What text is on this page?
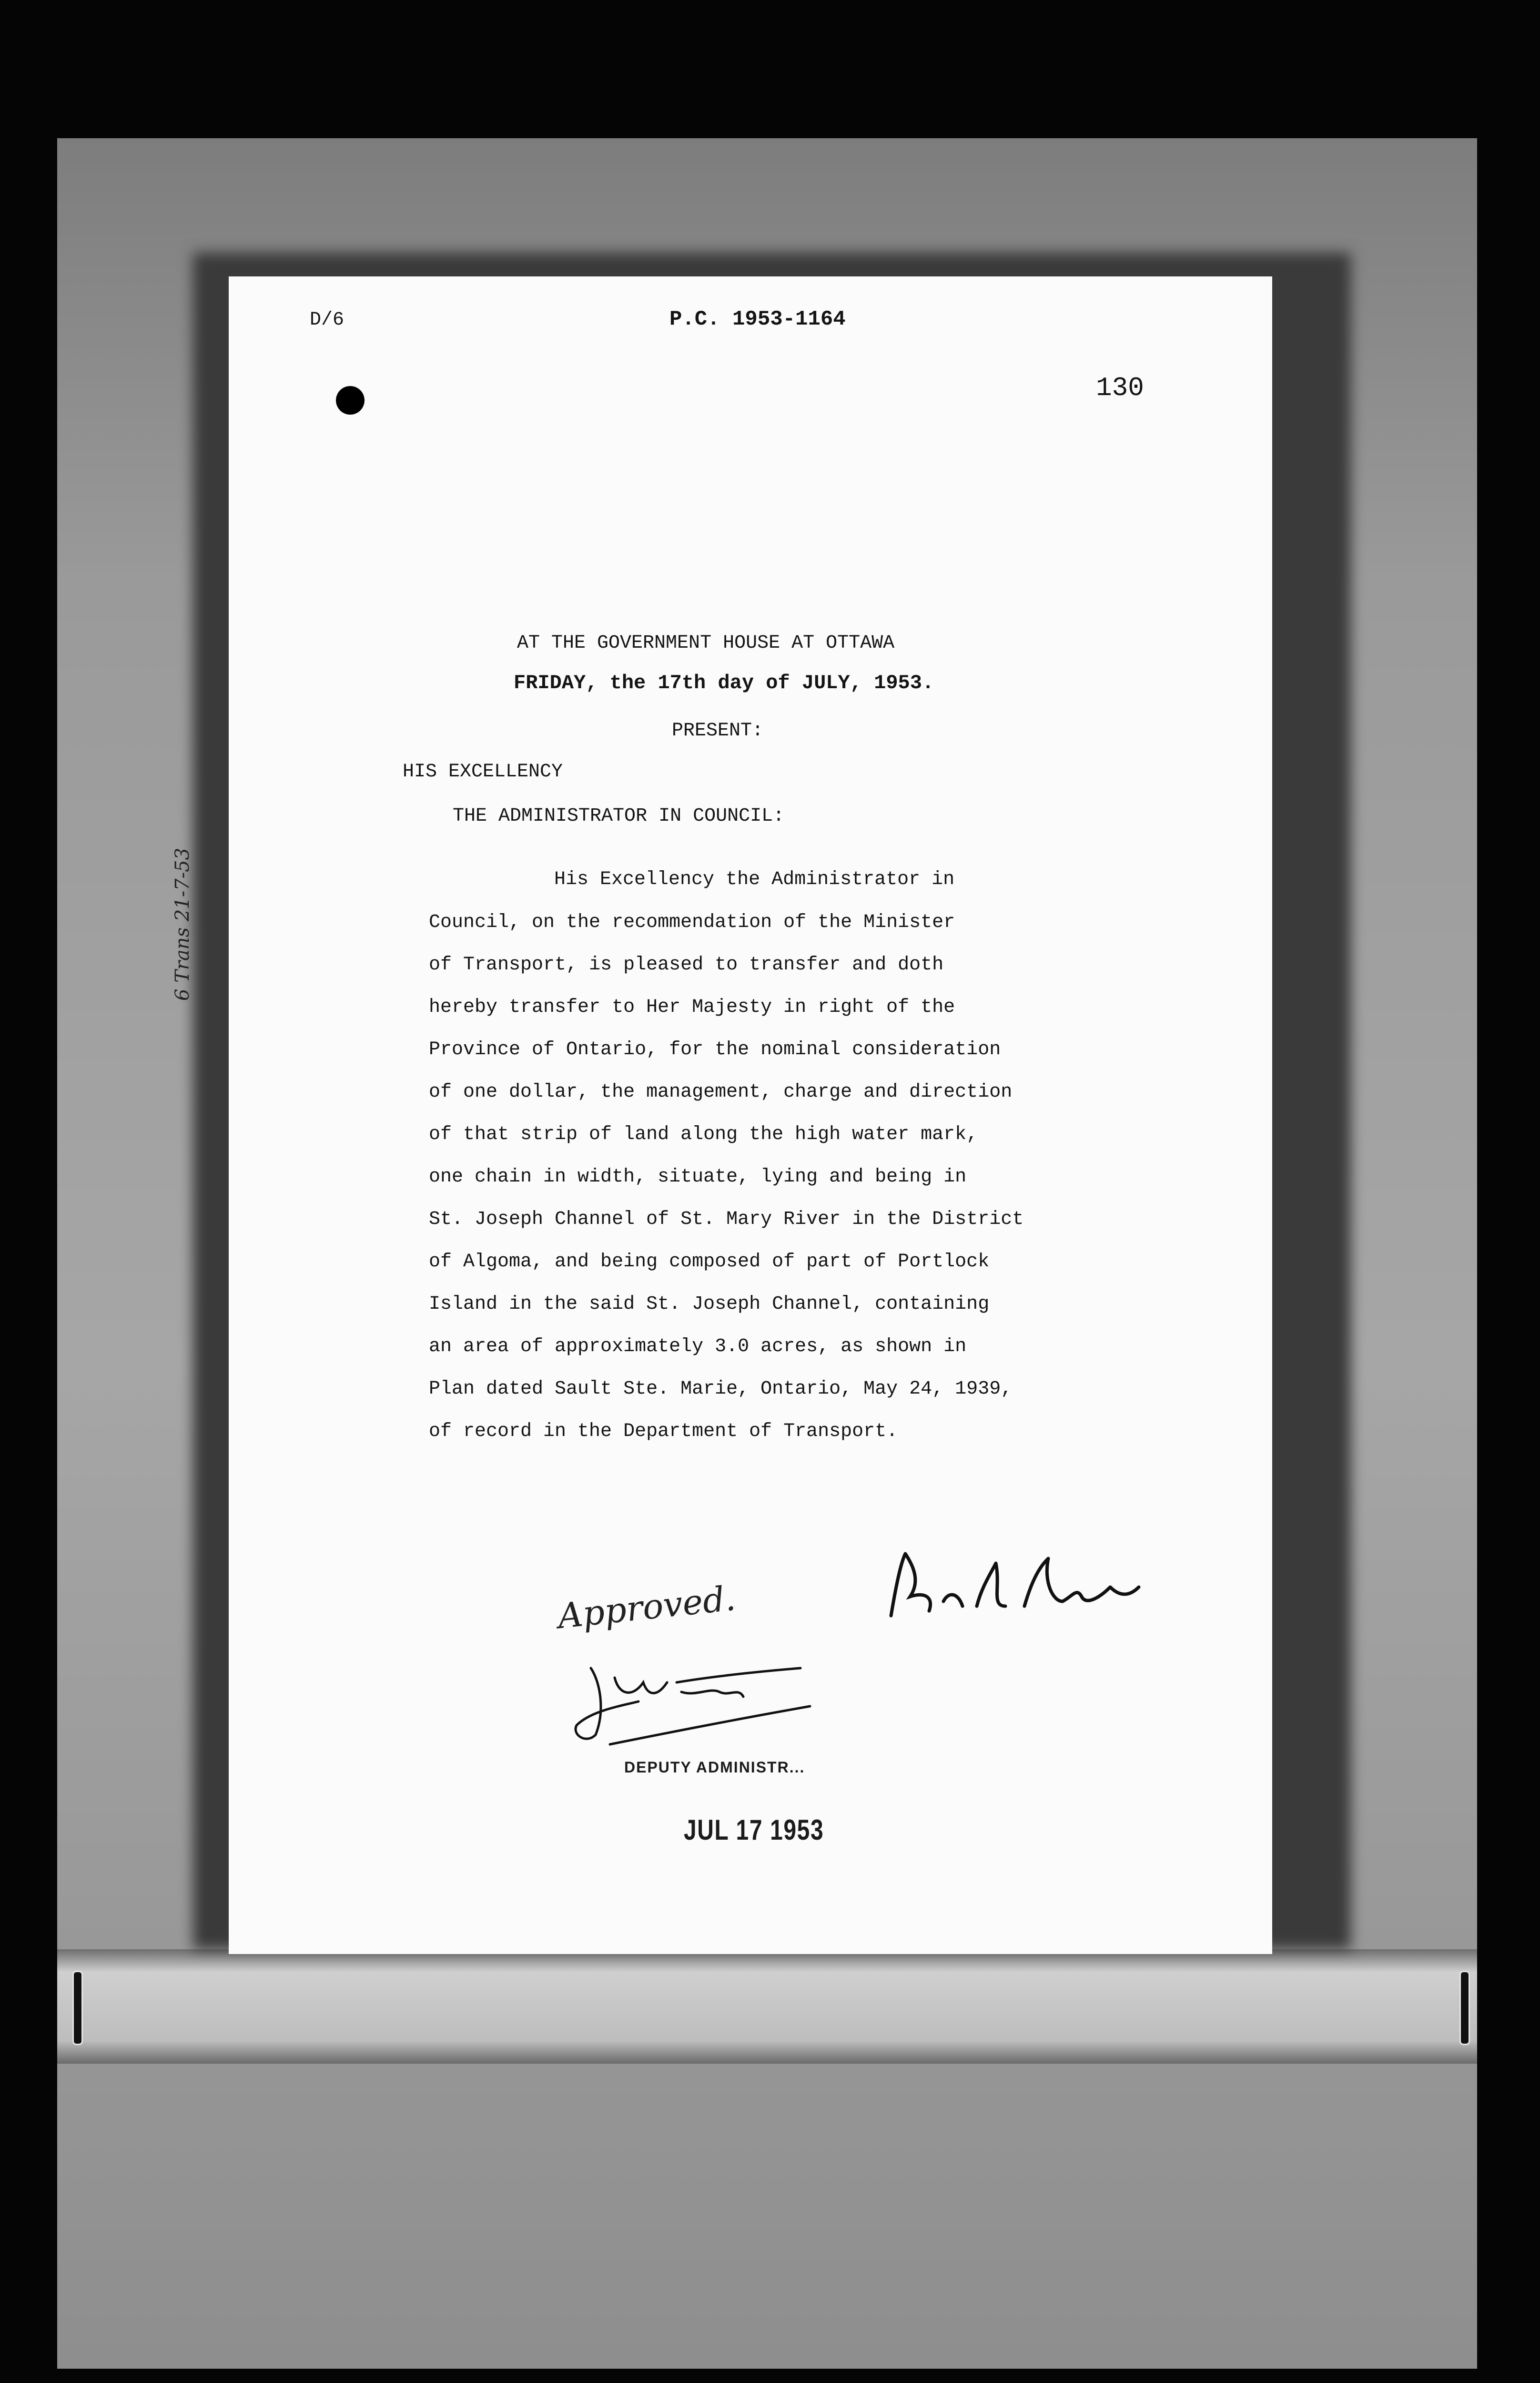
D/6	P.C. 1953-1164
130
AT THE GOVERNMENT HOUSE AT OTTAWA
FRIDAY, the 17th day of JULY, 1953.
PRESENT:
HIS EXCELLENCY
THE ADMINISTRATOR IN COUNCIL:
His Excellency the Administrator in
Council, on the recommendation of the Minister
of Transport, is pleased to transfer and doth
hereby transfer to Her Majesty in right of the
Province of Ontario, for the nominal consideration
of one dollar, the management, charge and direction
of that strip of land along the high water mark,
one chain in width, situate, lying and being in
St. Joseph Channel of St. Mary River in the District
of Algoma, and being composed of part of Portlock
Island in the said St. Joseph Channel, containing
an area of approximately 3.0 acres, as shown in
Plan dated Sault Ste. Marie, Ontario, May 24, 1939,
of record in the Department of Transport.
6 Trans 21-7-53
Approved.
DEPUTY ADMINISTR...
JUL 17 1953
